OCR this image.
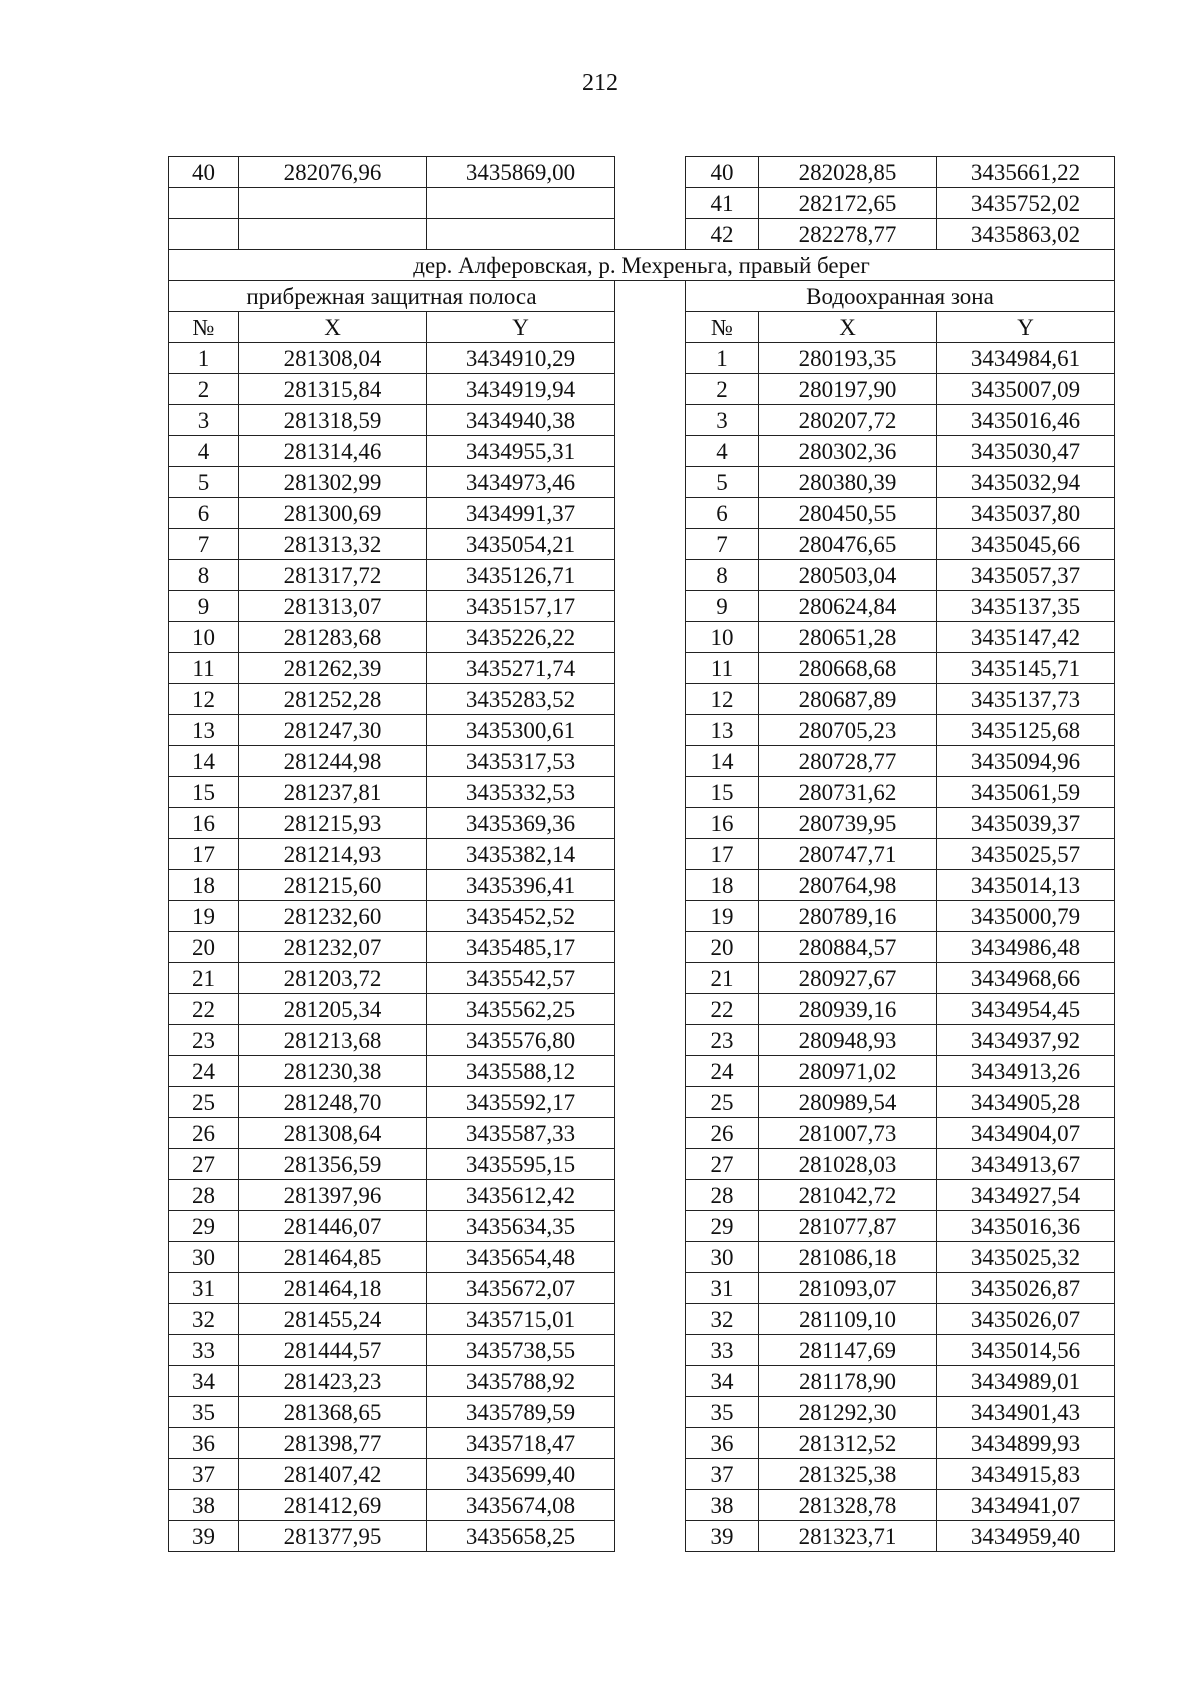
212
40	282076,96	3435869,00		40	282028,85	3435661,22
				41	282172,65	3435752,02
				42	282278,77	3435863,02
дер. Алферовская, р. Мехреньга, правый берег						
прибрежная защитная полоса				Водоохранная зона		
№	X	Y		№	X	Y
1	281308,04	3434910,29		1	280193,35	3434984,61
2	281315,84	3434919,94		2	280197,90	3435007,09
3	281318,59	3434940,38		3	280207,72	3435016,46
4	281314,46	3434955,31		4	280302,36	3435030,47
5	281302,99	3434973,46		5	280380,39	3435032,94
6	281300,69	3434991,37		6	280450,55	3435037,80
7	281313,32	3435054,21		7	280476,65	3435045,66
8	281317,72	3435126,71		8	280503,04	3435057,37
9	281313,07	3435157,17		9	280624,84	3435137,35
10	281283,68	3435226,22		10	280651,28	3435147,42
11	281262,39	3435271,74		11	280668,68	3435145,71
12	281252,28	3435283,52		12	280687,89	3435137,73
13	281247,30	3435300,61		13	280705,23	3435125,68
14	281244,98	3435317,53		14	280728,77	3435094,96
15	281237,81	3435332,53		15	280731,62	3435061,59
16	281215,93	3435369,36		16	280739,95	3435039,37
17	281214,93	3435382,14		17	280747,71	3435025,57
18	281215,60	3435396,41		18	280764,98	3435014,13
19	281232,60	3435452,52		19	280789,16	3435000,79
20	281232,07	3435485,17		20	280884,57	3434986,48
21	281203,72	3435542,57		21	280927,67	3434968,66
22	281205,34	3435562,25		22	280939,16	3434954,45
23	281213,68	3435576,80		23	280948,93	3434937,92
24	281230,38	3435588,12		24	280971,02	3434913,26
25	281248,70	3435592,17		25	280989,54	3434905,28
26	281308,64	3435587,33		26	281007,73	3434904,07
27	281356,59	3435595,15		27	281028,03	3434913,67
28	281397,96	3435612,42		28	281042,72	3434927,54
29	281446,07	3435634,35		29	281077,87	3435016,36
30	281464,85	3435654,48		30	281086,18	3435025,32
31	281464,18	3435672,07		31	281093,07	3435026,87
32	281455,24	3435715,01		32	281109,10	3435026,07
33	281444,57	3435738,55		33	281147,69	3435014,56
34	281423,23	3435788,92		34	281178,90	3434989,01
35	281368,65	3435789,59		35	281292,30	3434901,43
36	281398,77	3435718,47		36	281312,52	3434899,93
37	281407,42	3435699,40		37	281325,38	3434915,83
38	281412,69	3435674,08		38	281328,78	3434941,07
39	281377,95	3435658,25		39	281323,71	3434959,40
